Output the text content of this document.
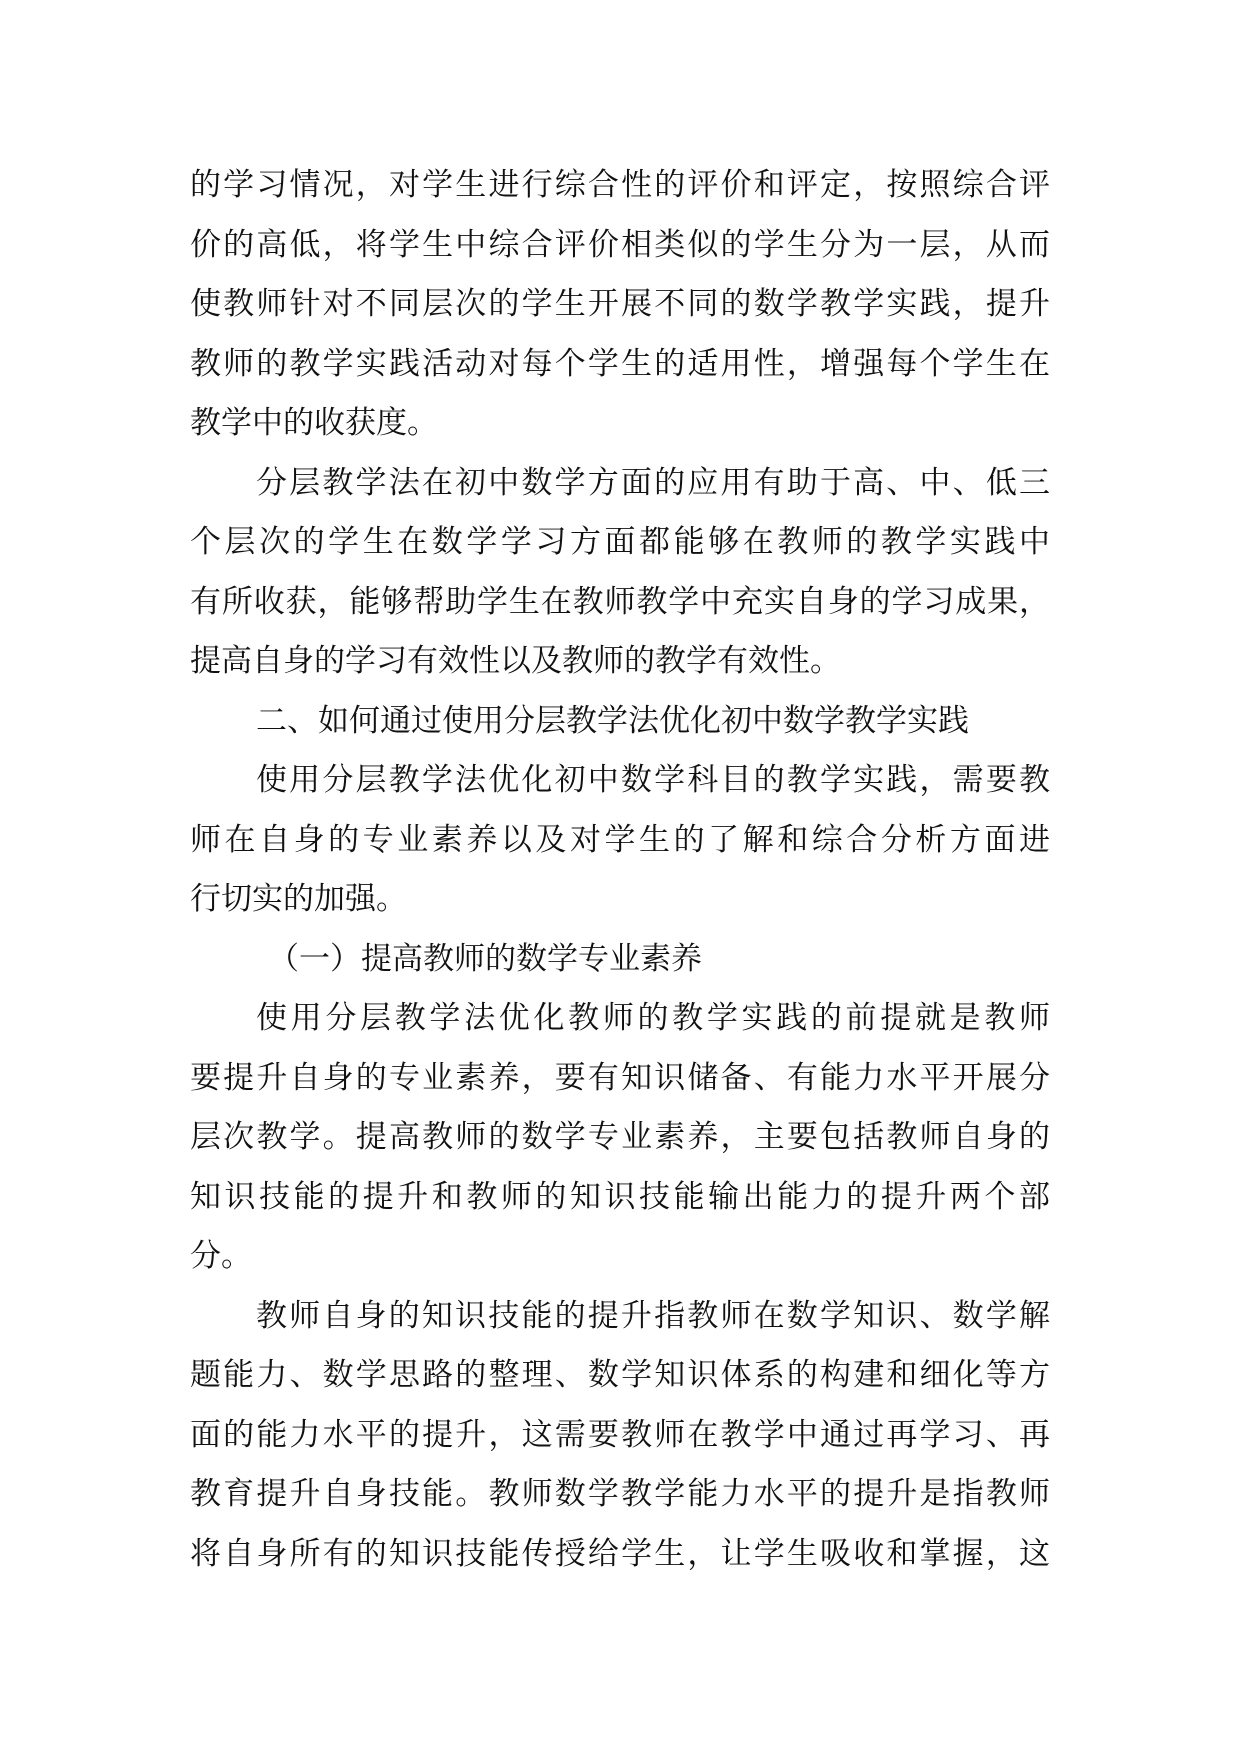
的学习情况，对学生进行综合性的评价和评定，按照综合评
价的高低，将学生中综合评价相类似的学生分为一层，从而
使教师针对不同层次的学生开展不同的数学教学实践，提升
教师的教学实践活动对每个学生的适用性，增强每个学生在
教学中的收获度。
分层教学法在初中数学方面的应用有助于高、中、低三
个层次的学生在数学学习方面都能够在教师的教学实践中
有所收获，能够帮助学生在教师教学中充实自身的学习成果，
提高自身的学习有效性以及教师的教学有效性。
二、如何通过使用分层教学法优化初中数学教学实践
使用分层教学法优化初中数学科目的教学实践，需要教
师在自身的专业素养以及对学生的了解和综合分析方面进
行切实的加强。
（一）提高教师的数学专业素养
使用分层教学法优化教师的教学实践的前提就是教师
要提升自身的专业素养，要有知识储备、有能力水平开展分
层次教学。提高教师的数学专业素养，主要包括教师自身的
知识技能的提升和教师的知识技能输出能力的提升两个部
分。
教师自身的知识技能的提升指教师在数学知识、数学解
题能力、数学思路的整理、数学知识体系的构建和细化等方
面的能力水平的提升，这需要教师在教学中通过再学习、再
教育提升自身技能。教师数学教学能力水平的提升是指教师
将自身所有的知识技能传授给学生，让学生吸收和掌握，这
